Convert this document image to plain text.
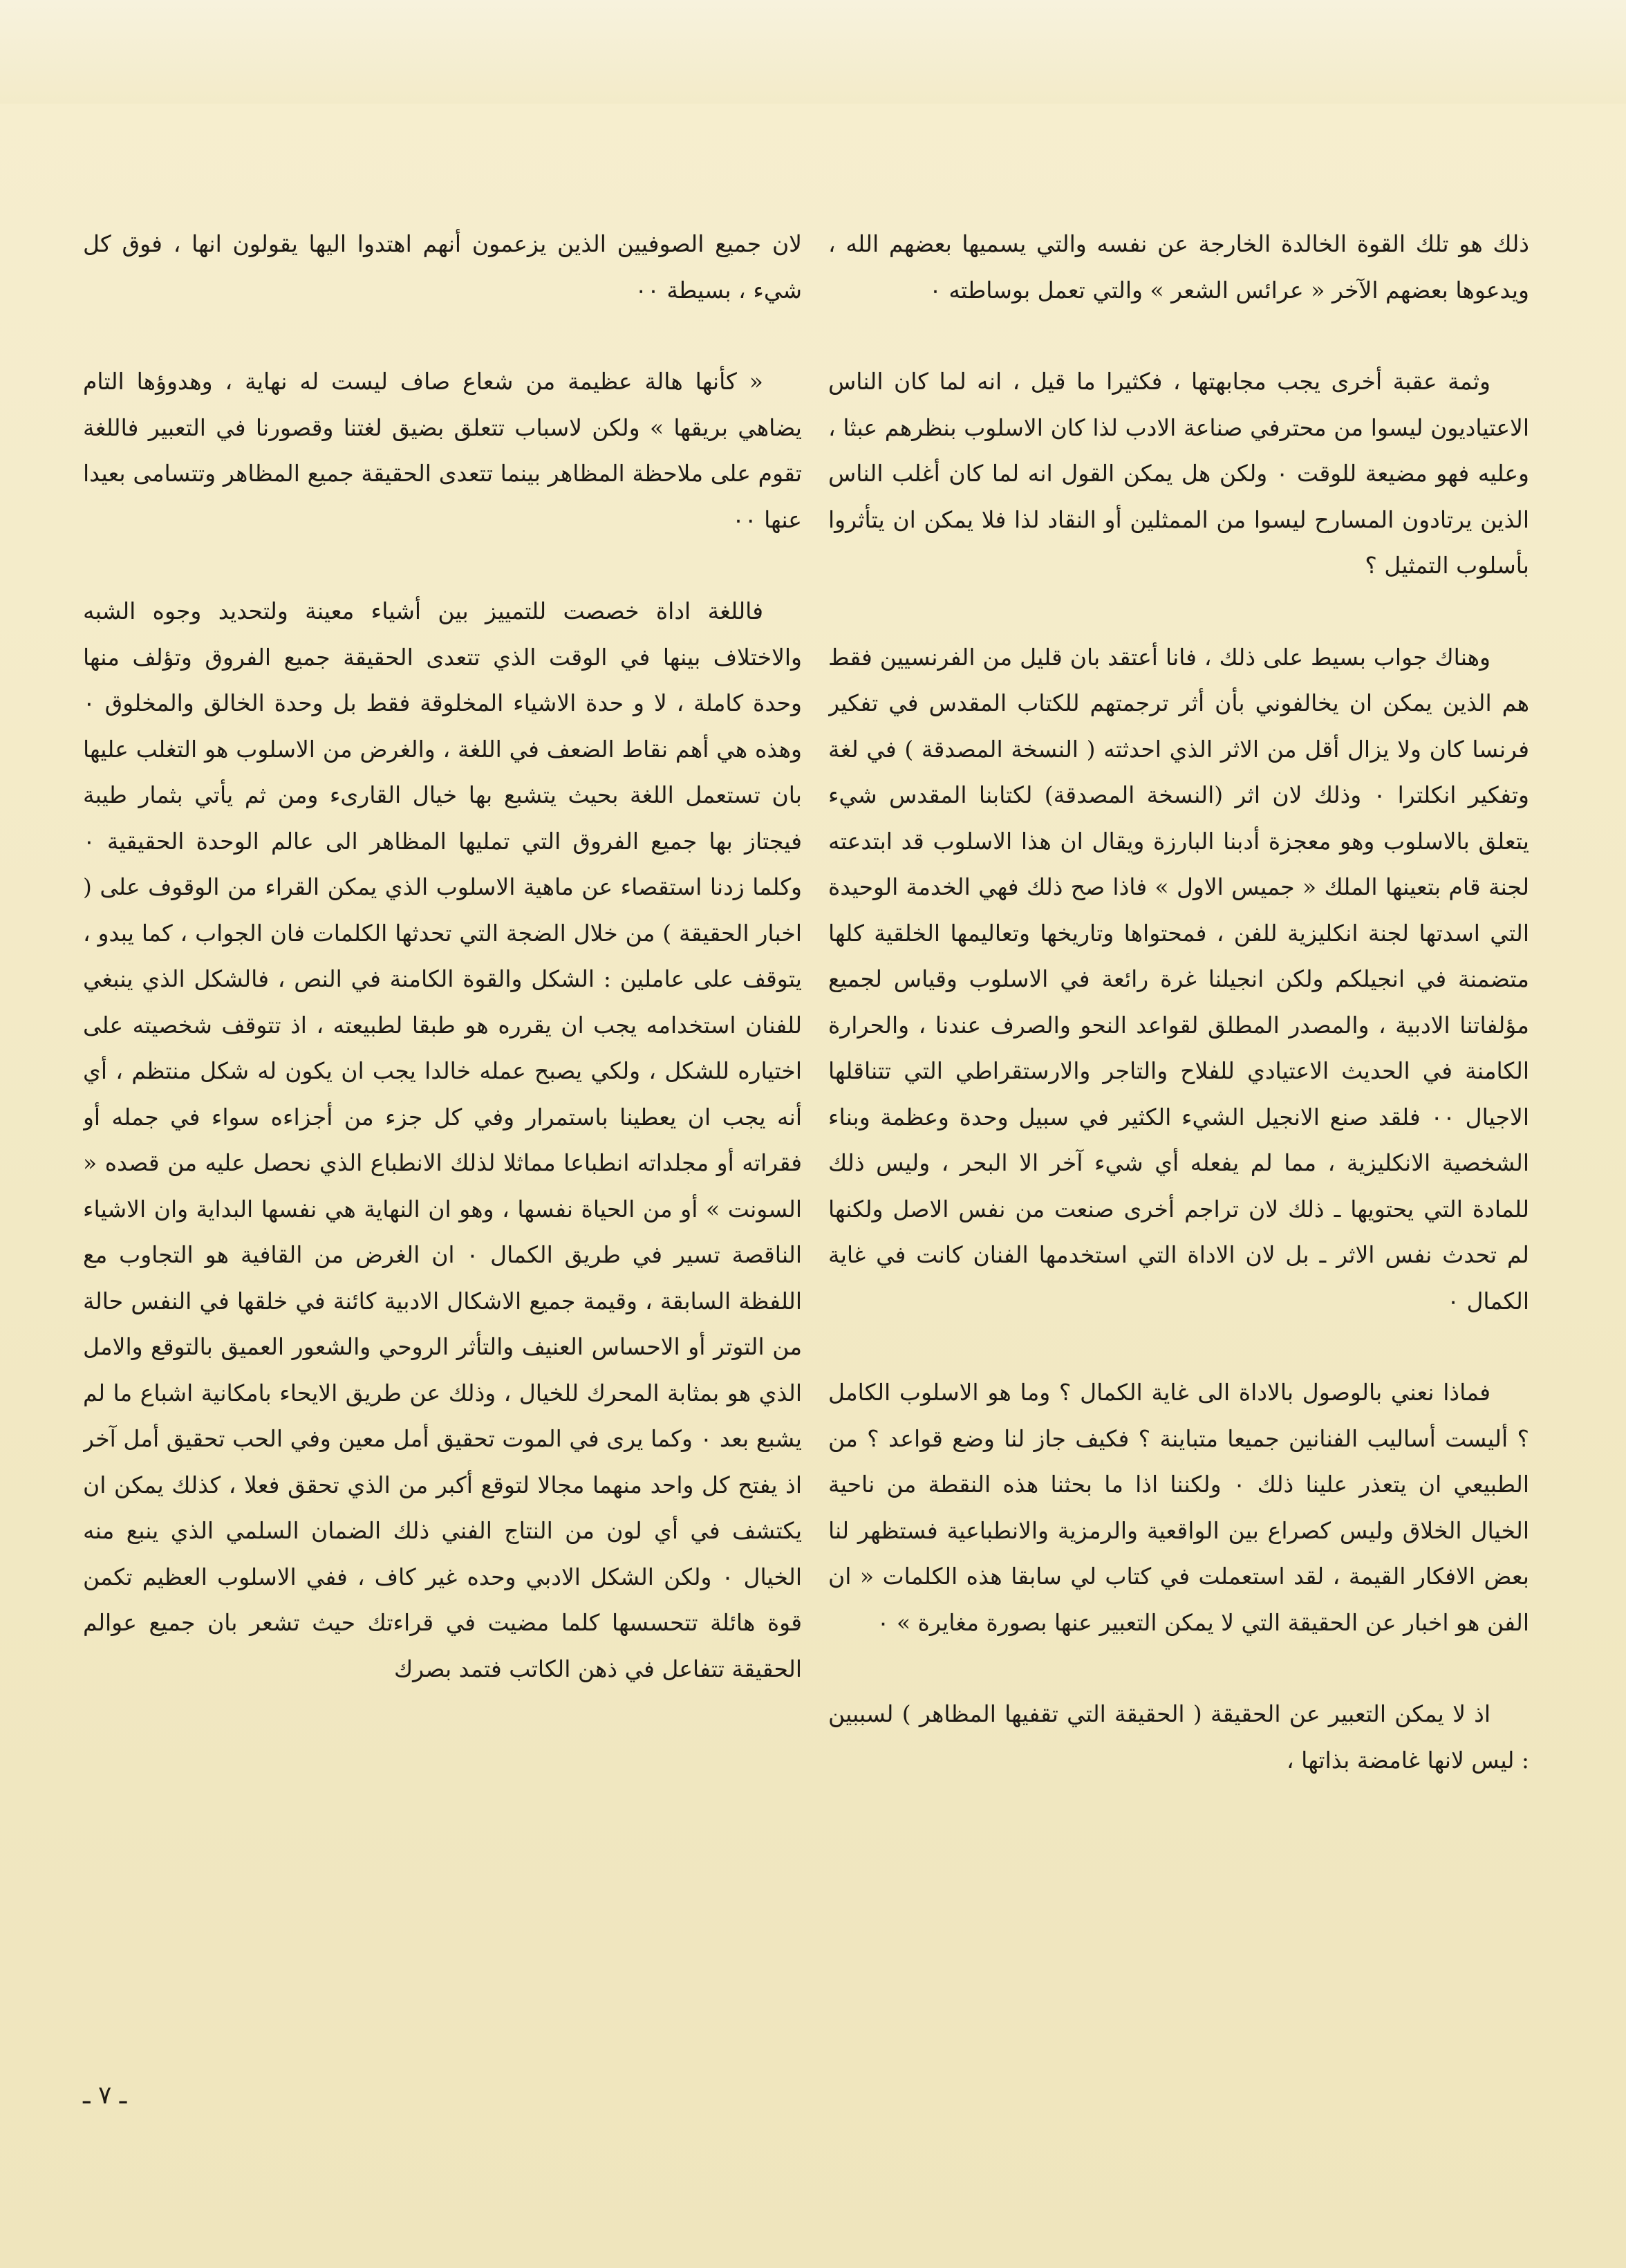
ذلك هو تلك القوة الخالدة الخارجة عن نفسه والتي يسميها بعضهم الله ، ويدعوها بعضهم الآخر « عرائس الشعر » والتي تعمل بوساطته ٠

وثمة عقبة أخرى يجب مجابهتها ، فكثيرا ما قيل ، انه لما كان الناس الاعتياديون ليسوا من محترفي صناعة الادب لذا كان الاسلوب بنظرهم عبثا ، وعليه فهو مضيعة للوقت ٠ ولكن هل يمكن القول انه لما كان أغلب الناس الذين يرتادون المسارح ليسوا من الممثلين أو النقاد لذا فلا يمكن ان يتأثروا بأسلوب التمثيل ؟

وهناك جواب بسيط على ذلك ، فانا أعتقد بان قليل من الفرنسيين فقط هم الذين يمكن ان يخالفوني بأن أثر ترجمتهم للكتاب المقدس في تفكير فرنسا كان ولا يزال أقل من الاثر الذي احدثته ( النسخة المصدقة ) في لغة وتفكير انكلترا ٠ وذلك لان اثر (النسخة المصدقة) لكتابنا المقدس شيء يتعلق بالاسلوب وهو معجزة أدبنا البارزة ويقال ان هذا الاسلوب قد ابتدعته لجنة قام بتعينها الملك « جميس الاول » فاذا صح ذلك فهي الخدمة الوحيدة التي اسدتها لجنة انكليزية للفن ، فمحتواها وتاريخها وتعاليمها الخلقية كلها متضمنة في انجيلكم ولكن انجيلنا غرة رائعة في الاسلوب وقياس لجميع مؤلفاتنا الادبية ، والمصدر المطلق لقواعد النحو والصرف عندنا ، والحرارة الكامنة في الحديث الاعتيادي للفلاح والتاجر والارستقراطي التي تتناقلها الاجيال ٠٠ فلقد صنع الانجيل الشيء الكثير في سبيل وحدة وعظمة وبناء الشخصية الانكليزية ، مما لم يفعله أي شيء آخر الا البحر ، وليس ذلك للمادة التي يحتويها ـ ذلك لان تراجم أخرى صنعت من نفس الاصل ولكنها لم تحدث نفس الاثر ـ بل لان الاداة التي استخدمها الفنان كانت في غاية الكمال ٠

فماذا نعني بالوصول بالاداة الى غاية الكمال ؟ وما هو الاسلوب الكامل ؟ أليست أساليب الفنانين جميعا متباينة ؟ فكيف جاز لنا وضع قواعد ؟ من الطبيعي ان يتعذر علينا ذلك ٠ ولكننا اذا ما بحثنا هذه النقطة من ناحية الخيال الخلاق وليس كصراع بين الواقعية والرمزية والانطباعية فستظهر لنا بعض الافكار القيمة ، لقد استعملت في كتاب لي سابقا هذه الكلمات « ان الفن هو اخبار عن الحقيقة التي لا يمكن التعبير عنها بصورة مغايرة » ٠

اذ لا يمكن التعبير عن الحقيقة ( الحقيقة التي تقفيها المظاهر ) لسببين : ليس لانها غامضة بذاتها ،

لان جميع الصوفيين الذين يزعمون أنهم اهتدوا اليها يقولون انها ، فوق كل شيء ، بسيطة ٠٠

« كأنها هالة عظيمة من شعاع صاف ليست له نهاية ، وهدوؤها التام يضاهي بريقها » ولكن لاسباب تتعلق بضيق لغتنا وقصورنا في التعبير فاللغة تقوم على ملاحظة المظاهر بينما تتعدى الحقيقة جميع المظاهر وتتسامى بعيدا عنها ٠٠

فاللغة اداة خصصت للتمييز بين أشياء معينة ولتحديد وجوه الشبه والاختلاف بينها في الوقت الذي تتعدى الحقيقة جميع الفروق وتؤلف منها وحدة كاملة ، لا و حدة الاشياء المخلوقة فقط بل وحدة الخالق والمخلوق ٠ وهذه هي أهم نقاط الضعف في اللغة ، والغرض من الاسلوب هو التغلب عليها بان تستعمل اللغة بحيث يتشبع بها خيال القارىء ومن ثم يأتي بثمار طيبة فيجتاز بها جميع الفروق التي تمليها المظاهر الى عالم الوحدة الحقيقية ٠ وكلما زدنا استقصاء عن ماهية الاسلوب الذي يمكن القراء من الوقوف على ( اخبار الحقيقة ) من خلال الضجة التي تحدثها الكلمات فان الجواب ، كما يبدو ، يتوقف على عاملين : الشكل والقوة الكامنة في النص ، فالشكل الذي ينبغي للفنان استخدامه يجب ان يقرره هو طبقا لطبيعته ، اذ تتوقف شخصيته على اختياره للشكل ، ولكي يصبح عمله خالدا يجب ان يكون له شكل منتظم ، أي أنه يجب ان يعطينا باستمرار وفي كل جزء من أجزاءه سواء في جمله أو فقراته أو مجلداته انطباعا مماثلا لذلك الانطباع الذي نحصل عليه من قصده « السونت » أو من الحياة نفسها ، وهو ان النهاية هي نفسها البداية وان الاشياء الناقصة تسير في طريق الكمال ٠ ان الغرض من القافية هو التجاوب مع اللفظة السابقة ، وقيمة جميع الاشكال الادبية كائنة في خلقها في النفس حالة من التوتر أو الاحساس العنيف والتأثر الروحي والشعور العميق بالتوقع والامل الذي هو بمثابة المحرك للخيال ، وذلك عن طريق الايحاء بامكانية اشباع ما لم يشبع بعد ٠ وكما يرى في الموت تحقيق أمل معين وفي الحب تحقيق أمل آخر اذ يفتح كل واحد منهما مجالا لتوقع أكبر من الذي تحقق فعلا ، كذلك يمكن ان يكتشف في أي لون من النتاج الفني ذلك الضمان السلمي الذي ينبع منه الخيال ٠ ولكن الشكل الادبي وحده غير كاف ، ففي الاسلوب العظيم تكمن قوة هائلة تتحسسها كلما مضيت في قراءتك حيث تشعر بان جميع عوالم الحقيقة تتفاعل في ذهن الكاتب فتمد بصرك

ـ ٧ ـ
